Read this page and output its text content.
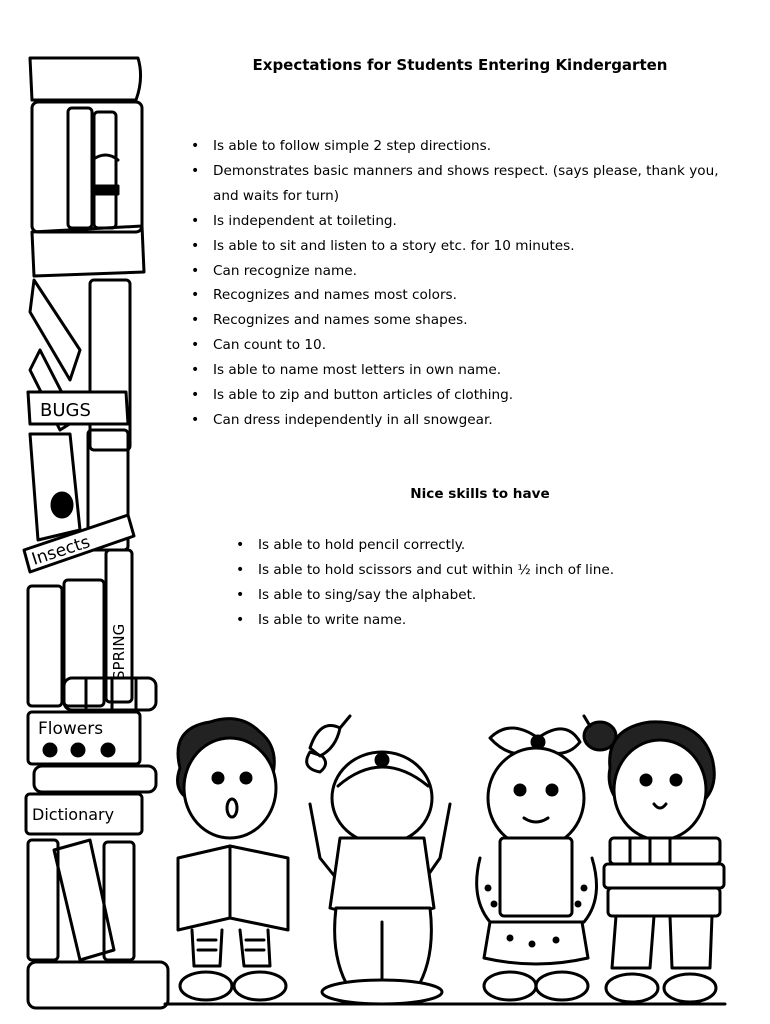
BUGS
Insects
SPRING
Flowers
Dictionary
Expectations for Students Entering Kindergarten
• Is able to follow simple 2 step directions.
• Demonstrates basic manners and shows respect. (says please, thank you, and waits for turn)
• Is independent at toileting.
• Is able to sit and listen to a story etc. for 10 minutes.
• Can recognize name.
• Recognizes and names most colors.
• Recognizes and names some shapes.
• Can count to 10.
• Is able to name most letters in own name.
• Is able to zip and button articles of clothing.
• Can dress independently in all snowgear.
Nice skills to have
• Is able to hold pencil correctly.
• Is able to hold scissors and cut within ½ inch of line.
• Is able to sing/say the alphabet.
• Is able to write name.
